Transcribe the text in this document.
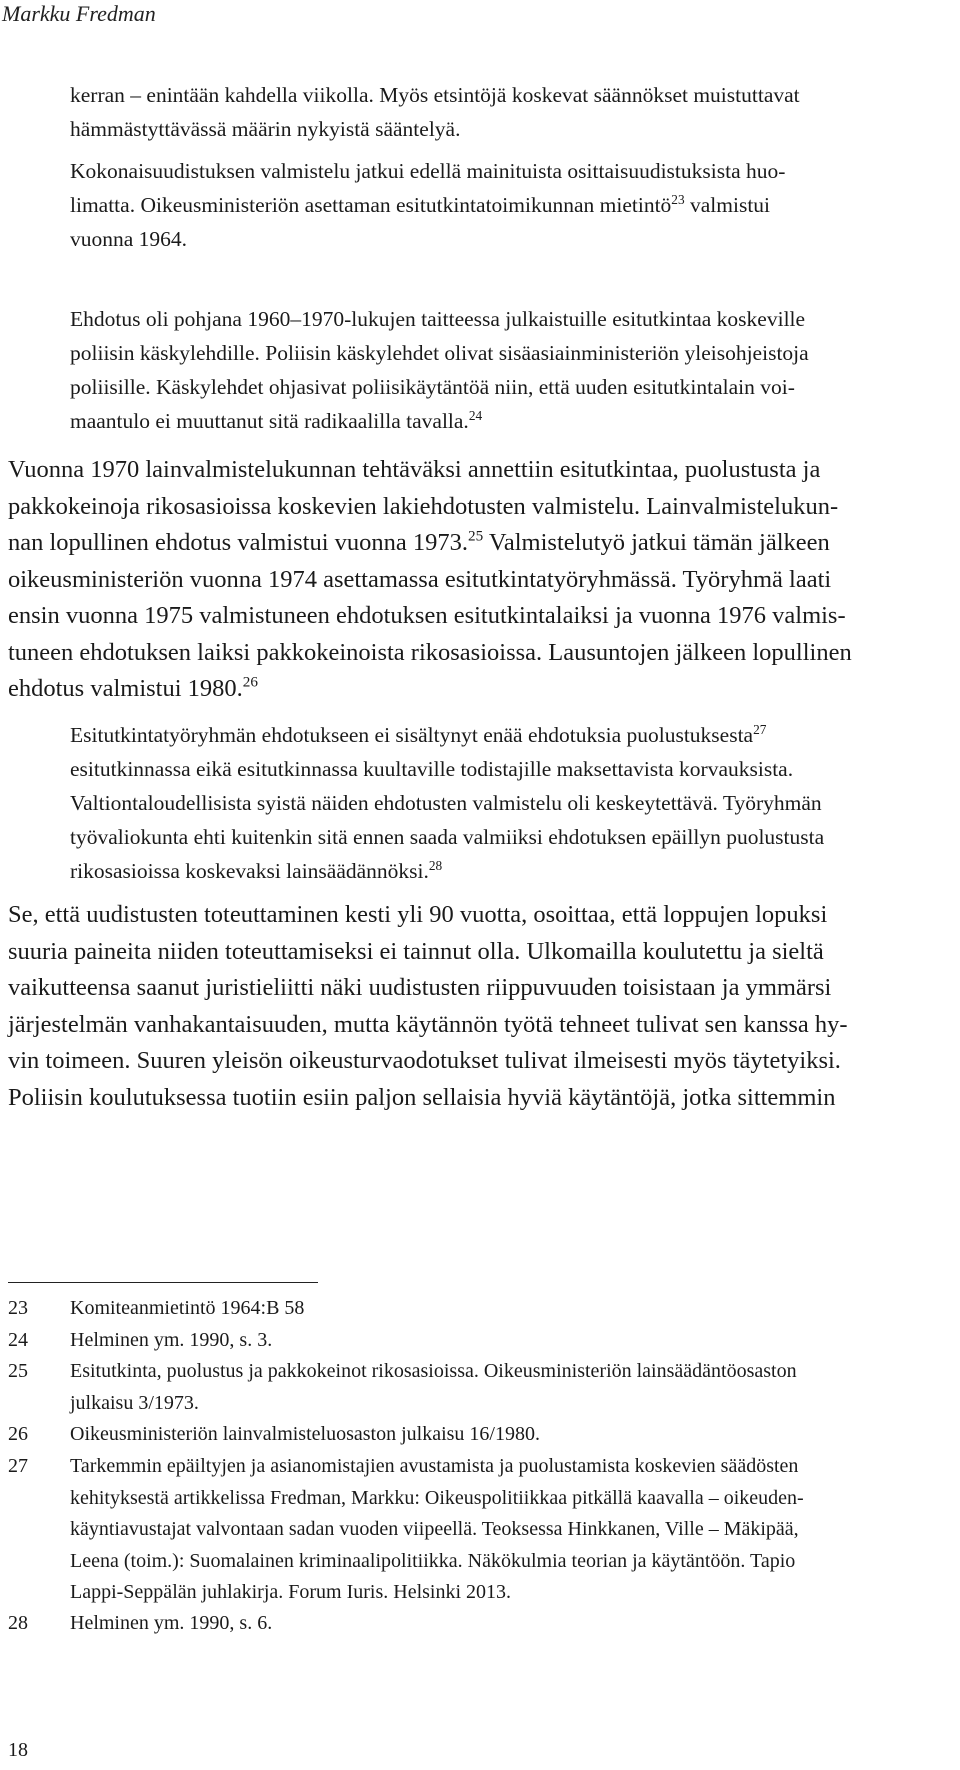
Markku Fredman
kerran – enintään kahdella viikolla. Myös etsintöjä koskevat säännökset muistuttavat
hämmästyttävässä määrin nykyistä sääntelyä.
Kokonaisuudistuksen valmistelu jatkui edellä mainituista osittaisuudistuksista huo-
limatta. Oikeusministeriön asettaman esitutkintatoimikunnan mietintö$^{23}$ valmistui
vuonna 1964.
Ehdotus oli pohjana 1960–1970-lukujen taitteessa julkaistuille esitutkintaa koskeville
poliisin käskylehdille. Poliisin käskylehdet olivat sisäasiainministeriön yleisohjeistoja
poliisille. Käskylehdet ohjasivat poliisikäytäntöä niin, että uuden esitutkintalain voi-
maantulo ei muuttanut sitä radikaalilla tavalla.$^{24}$
Vuonna 1970 lainvalmistelukunnan tehtäväksi annettiin esitutkintaa, puolustusta ja
pakkokeinoja rikosasioissa koskevien lakiehdotusten valmistelu. Lainvalmistelukun-
nan lopullinen ehdotus valmistui vuonna 1973.25 Valmistelutyö jatkui tämän jälkeen
oikeusministeriön vuonna 1974 asettamassa esitutkintatyöryhmässä. Työryhmä laati
ensin vuonna 1975 valmistuneen ehdotuksen esitutkintalaiksi ja vuonna 1976 valmis-
tuneen ehdotuksen laiksi pakkokeinoista rikosasioissa. Lausuntojen jälkeen lopullinen
ehdotus valmistui 1980.26
Esitutkintatyöryhmän ehdotukseen ei sisältynyt enää ehdotuksia puolustuksesta$^{27}$
esitutkinnassa eikä esitutkinnassa kuultaville todistajille maksettavista korvauksista.
Valtiontaloudellisista syistä näiden ehdotusten valmistelu oli keskeytettävä. Työryhmän
työvaliokunta ehti kuitenkin sitä ennen saada valmiiksi ehdotuksen epäillyn puolustusta
rikosasioissa koskevaksi lainsäädännöksi.$^{28}$
Se, että uudistusten toteuttaminen kesti yli 90 vuotta, osoittaa, että loppujen lopuksi
suuria paineita niiden toteuttamiseksi ei tainnut olla. Ulkomailla koulutettu ja sieltä
vaikutteensa saanut juristieliitti näki uudistusten riippuvuuden toisistaan ja ymmärsi
järjestelmän vanhakantaisuuden, mutta käytännön työtä tehneet tulivat sen kanssa hy-
vin toimeen. Suuren yleisön oikeusturvaodotukset tulivat ilmeisesti myös täytetyiksi.
Poliisin koulutuksessa tuotiin esiin paljon sellaisia hyviä käytäntöjä, jotka sittemmin
23	Komiteanmietintö 1964:B 58
24	Helminen ym. 1990, s. 3.
25	Esitutkinta, puolustus ja pakkokeinot rikosasioissa. Oikeusministeriön lainsäädäntöosaston
julkaisu 3/1973.
26	Oikeusministeriön lainvalmisteluosaston julkaisu 16/1980.
27	Tarkemmin epäiltyjen ja asianomistajien avustamista ja puolustamista koskevien säädösten
kehityksestä artikkelissa Fredman, Markku: Oikeuspolitiikkaa pitkällä kaavalla – oikeuden-
käyntiavustajat valvontaan sadan vuoden viipeellä. Teoksessa Hinkkanen, Ville – Mäkipää,
Leena (toim.): Suomalainen kriminaalipolitiikka. Näkökulmia teorian ja käytäntöön. Tapio
Lappi-Seppälän juhlakirja. Forum Iuris. Helsinki 2013.
28	Helminen ym. 1990, s. 6.
18
